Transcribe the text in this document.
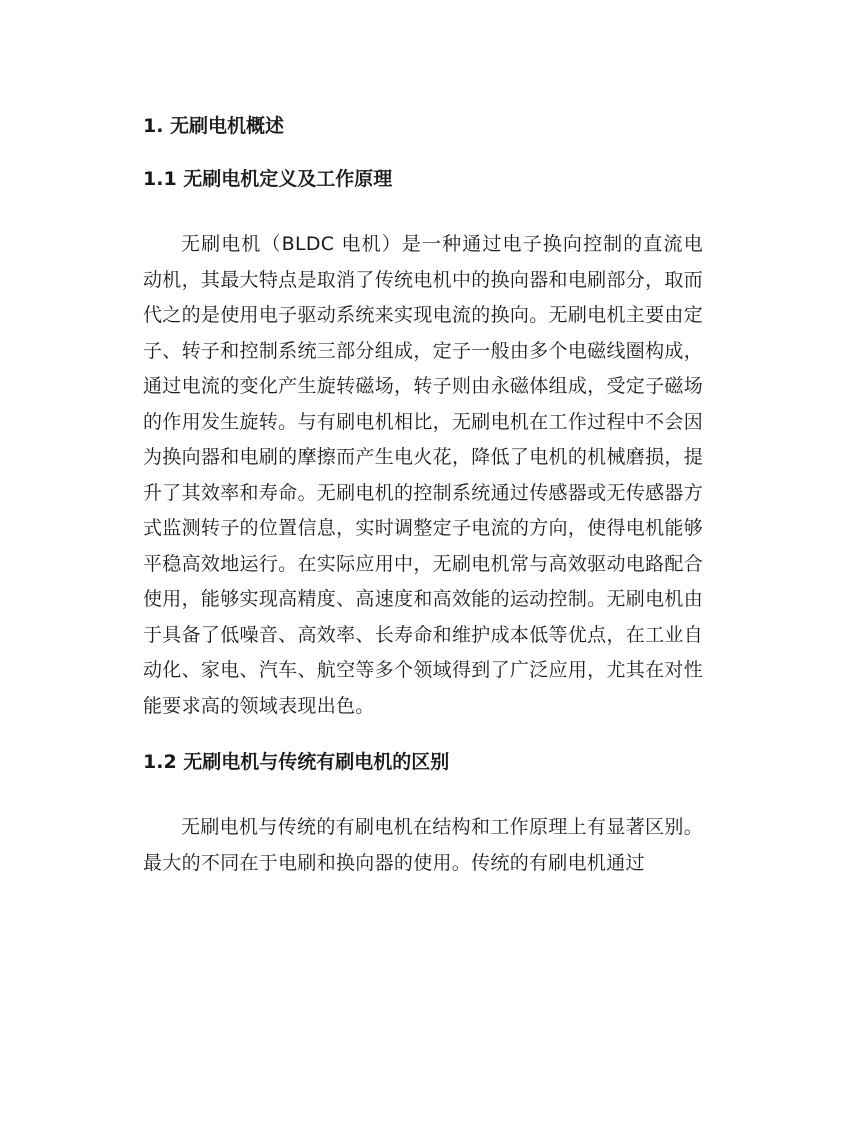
1. 无刷电机概述
1.1 无刷电机定义及工作原理

无刷电机（BLDC 电机）是一种通过电子换向控制的直流电动机，其最大特点是取消了传统电机中的换向器和电刷部分，取而代之的是使用电子驱动系统来实现电流的换向。无刷电机主要由定子、转子和控制系统三部分组成，定子一般由多个电磁线圈构成，通过电流的变化产生旋转磁场，转子则由永磁体组成，受定子磁场的作用发生旋转。与有刷电机相比，无刷电机在工作过程中不会因为换向器和电刷的摩擦而产生电火花，降低了电机的机械磨损，提升了其效率和寿命。无刷电机的控制系统通过传感器或无传感器方式监测转子的位置信息，实时调整定子电流的方向，使得电机能够平稳高效地运行。在实际应用中，无刷电机常与高效驱动电路配合使用，能够实现高精度、高速度和高效能的运动控制。无刷电机由于具备了低噪音、高效率、长寿命和维护成本低等优点，在工业自动化、家电、汽车、航空等多个领域得到了广泛应用，尤其在对性能要求高的领域表现出色。

1.2 无刷电机与传统有刷电机的区别

无刷电机与传统的有刷电机在结构和工作原理上有显著区别。最大的不同在于电刷和换向器的使用。传统的有刷电机通过
